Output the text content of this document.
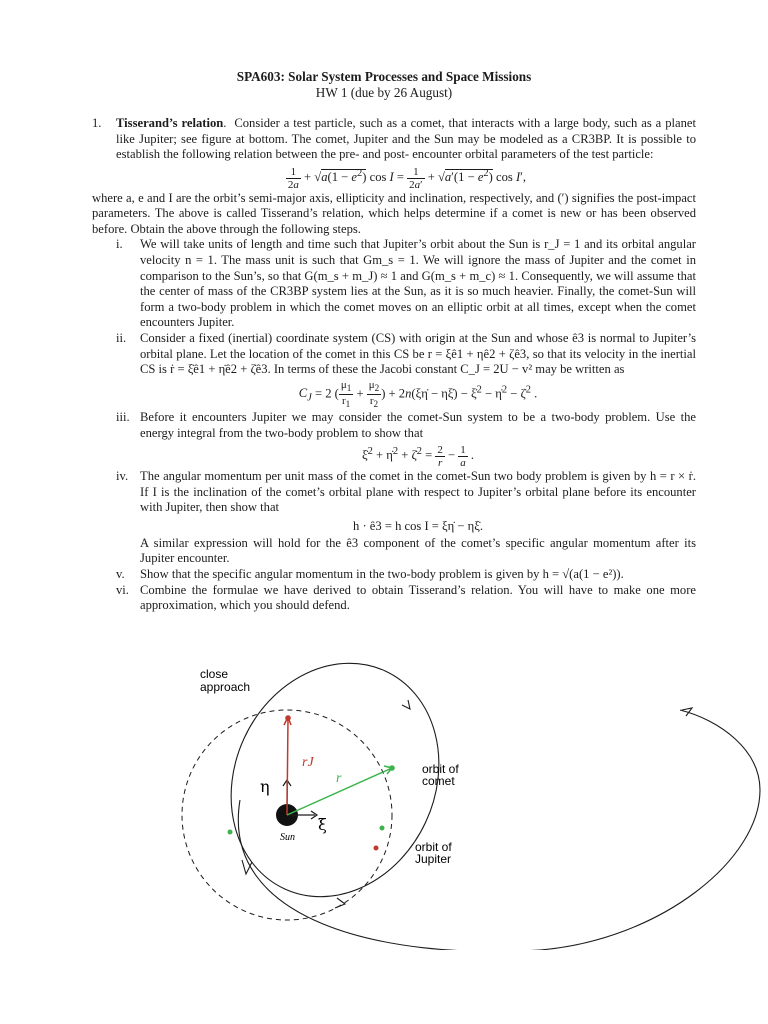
SPA603: Solar System Processes and Space Missions
HW 1 (due by 26 August)
1. Tisserand’s relation.  Consider a test particle, such as a comet, that interacts with a large body, such as a planet like Jupiter; see figure at bottom. The comet, Jupiter and the Sun may be modeled as a CR3BP. It is possible to establish the following relation between the pre- and post- encounter orbital parameters of the test particle:

$\frac{1}{2a} + √a(1 - e^2)$ $\cos I = \frac{1}{2a'} + √a'(1 - e^2)$ cos I′,

where a, e and I are the orbit’s semi-major axis, ellipticity and inclination, respectively, and (′) signifies the post-impact parameters. The above is called Tisserand’s relation, which helps determine if a comet is new or has been observed before. Obtain the above through the following steps.

i. We will take units of length and time such that Jupiter’s orbit about the Sun is r_J = 1 and its orbital angular velocity n = 1. The mass unit is such that Gm_s = 1. We will ignore the mass of Jupiter and the comet in comparison to the Sun’s, so that G(m_s + m_J) ≈ 1 and G(m_s + m_c) ≈ 1. Consequently, we will assume that the center of mass of the CR3BP system lies at the Sun, as it is so much heavier. Finally, the comet-Sun will form a two-body problem in which the comet moves on an elliptic orbit at all times, except when the comet encounters Jupiter.

ii. Consider a fixed (inertial) coordinate system (CS) with origin at the Sun and whose ê3 is normal to Jupiter’s orbital plane. Let the location of the comet in this CS be r = ξê1 + ηê2 + ζê3, so that its velocity in the inertial CS is ṙ = ξ̇ê1 + η̇ê2 + ζ̇ê3. In terms of these the Jacobi constant C_J = 2U − v² may be written as

$C_J = 2$ ( $\frac{\mu_1}{r_1} + \frac{\mu_2}{r_2}$ ) + 2n(ξη̇ − ηξ̇) − ξ̇$^2$ − η̇$^2$ − ζ̇$^2$ .
iii. Before it encounters Jupiter we may consider the comet-Sun system to be a two-body problem. Use the energy integral from the two-body problem to show that

ξ̇$^2$ + η̇$^2$ + ζ̇$^2$ = $\frac{2}{r} - \frac{1}{a}$ .
iv. The angular momentum per unit mass of the comet in the comet-Sun two body problem is given by h = r × ṙ. If I is the inclination of the comet’s orbital plane with respect to Jupiter’s orbital plane before its encounter with Jupiter, then show that

h · ê3 = h cos I = ξη̇ − ηξ̇.

A similar expression will hold for the ê3 component of the comet’s specific angular momentum after its Jupiter encounter.

v. Show that the specific angular momentum in the two-body problem is given by h = √(a(1 − e²)).

vi. Combine the formulae we have derived to obtain Tisserand’s relation. You will have to make one more approximation, which you should defend.

close
approach
orbit of
comet
orbit of
Jupiter
rJ
r
η
ξ
Sun
